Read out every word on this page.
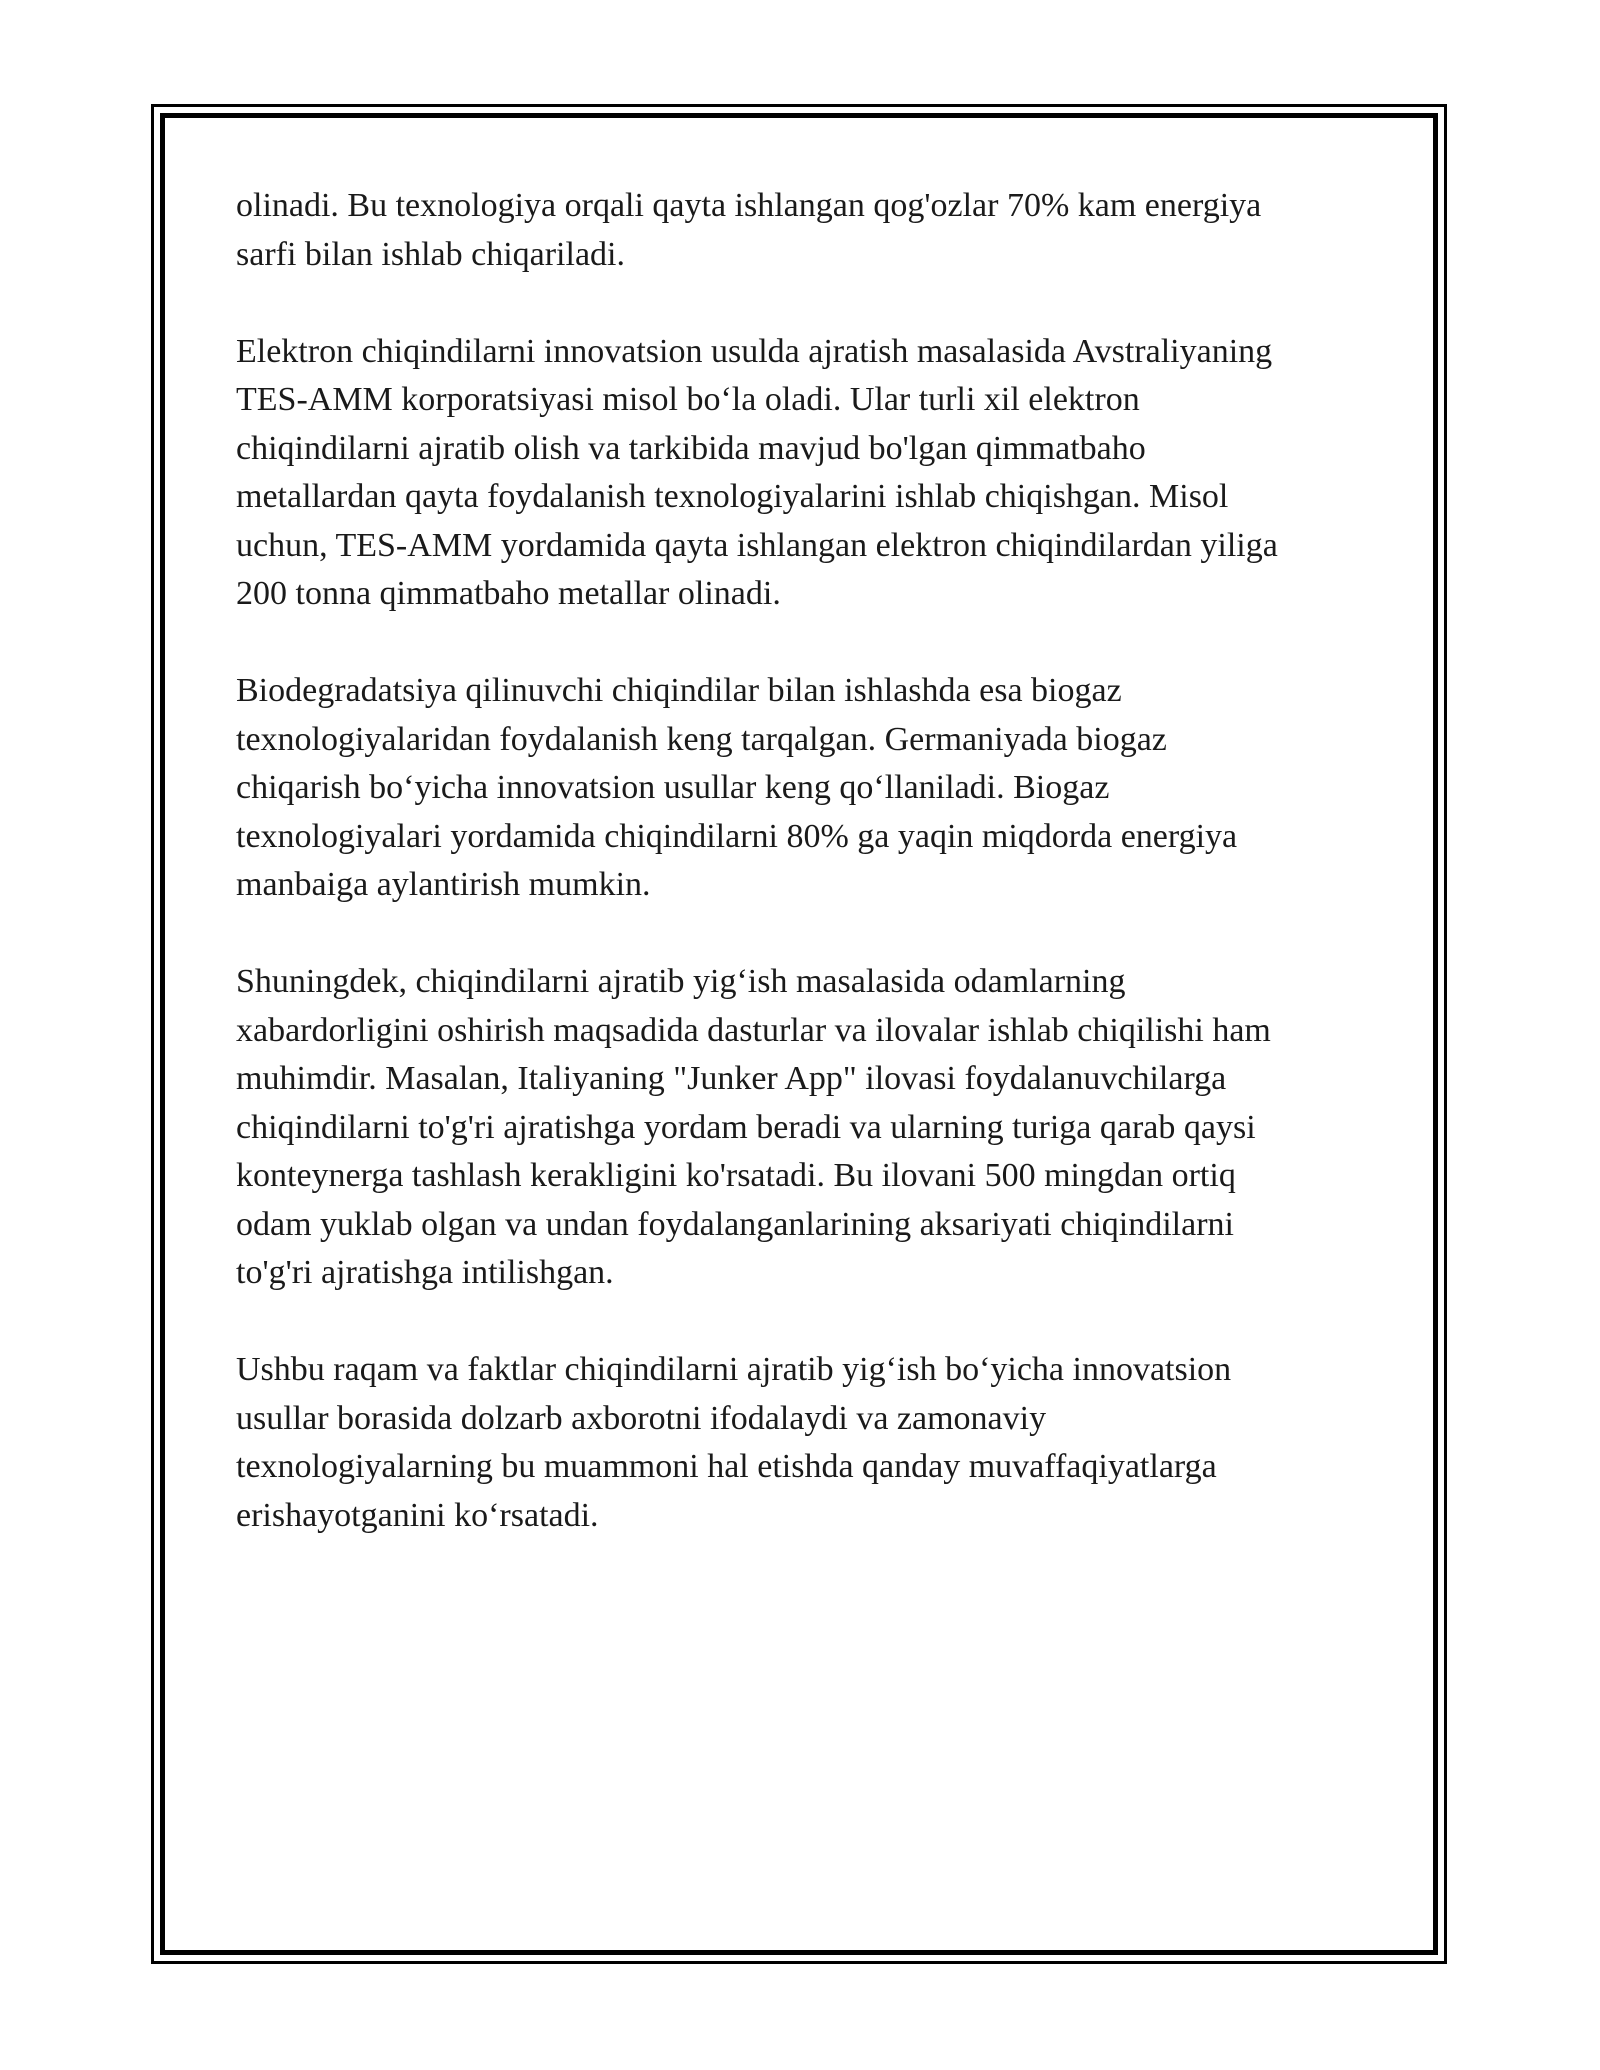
olinadi. Bu texnologiya orqali qayta ishlangan qog'ozlar 70% kam energiya
sarfi bilan ishlab chiqariladi.

Elektron chiqindilarni innovatsion usulda ajratish masalasida Avstraliyaning
TES-AMM korporatsiyasi misol bo‘la oladi. Ular turli xil elektron
chiqindilarni ajratib olish va tarkibida mavjud bo'lgan qimmatbaho
metallardan qayta foydalanish texnologiyalarini ishlab chiqishgan. Misol
uchun, TES-AMM yordamida qayta ishlangan elektron chiqindilardan yiliga
200 tonna qimmatbaho metallar olinadi.

Biodegradatsiya qilinuvchi chiqindilar bilan ishlashda esa biogaz
texnologiyalaridan foydalanish keng tarqalgan. Germaniyada biogaz
chiqarish bo‘yicha innovatsion usullar keng qo‘llaniladi. Biogaz
texnologiyalari yordamida chiqindilarni 80% ga yaqin miqdorda energiya
manbaiga aylantirish mumkin.

Shuningdek, chiqindilarni ajratib yig‘ish masalasida odamlarning
xabardorligini oshirish maqsadida dasturlar va ilovalar ishlab chiqilishi ham
muhimdir. Masalan, Italiyaning "Junker App" ilovasi foydalanuvchilarga
chiqindilarni to'g'ri ajratishga yordam beradi va ularning turiga qarab qaysi
konteynerga tashlash kerakligini ko'rsatadi. Bu ilovani 500 mingdan ortiq
odam yuklab olgan va undan foydalanganlarining aksariyati chiqindilarni
to'g'ri ajratishga intilishgan.

Ushbu raqam va faktlar chiqindilarni ajratib yig‘ish bo‘yicha innovatsion
usullar borasida dolzarb axborotni ifodalaydi va zamonaviy
texnologiyalarning bu muammoni hal etishda qanday muvaffaqiyatlarga
erishayotganini ko‘rsatadi.
